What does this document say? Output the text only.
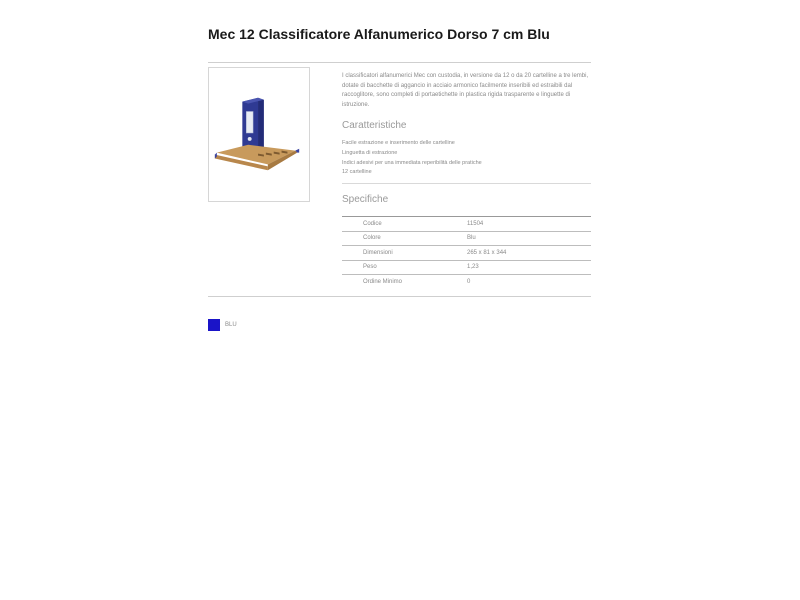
Mec 12 Classificatore Alfanumerico Dorso 7 cm Blu

I classificatori alfanumerici Mec con custodia, in versione da 12 o da 20 cartelline a tre lembi, dotate di bacchette di aggancio in acciaio armonico facilmente inseribili ed estraibili dal raccoglitore, sono completi di portaetichette in plastica rigida trasparente e linguette di istruzione.

Caratteristiche
Facile estrazione e inserimento delle cartelline
Linguetta di estrazione
Indici adesivi per una immediata reperibilità delle pratiche
12 cartelline
Specifiche
Codice	11504
Colore	Blu
Dimensioni	265 x 81 x 344
Peso	1,23
Ordine Minimo	0
BLU
